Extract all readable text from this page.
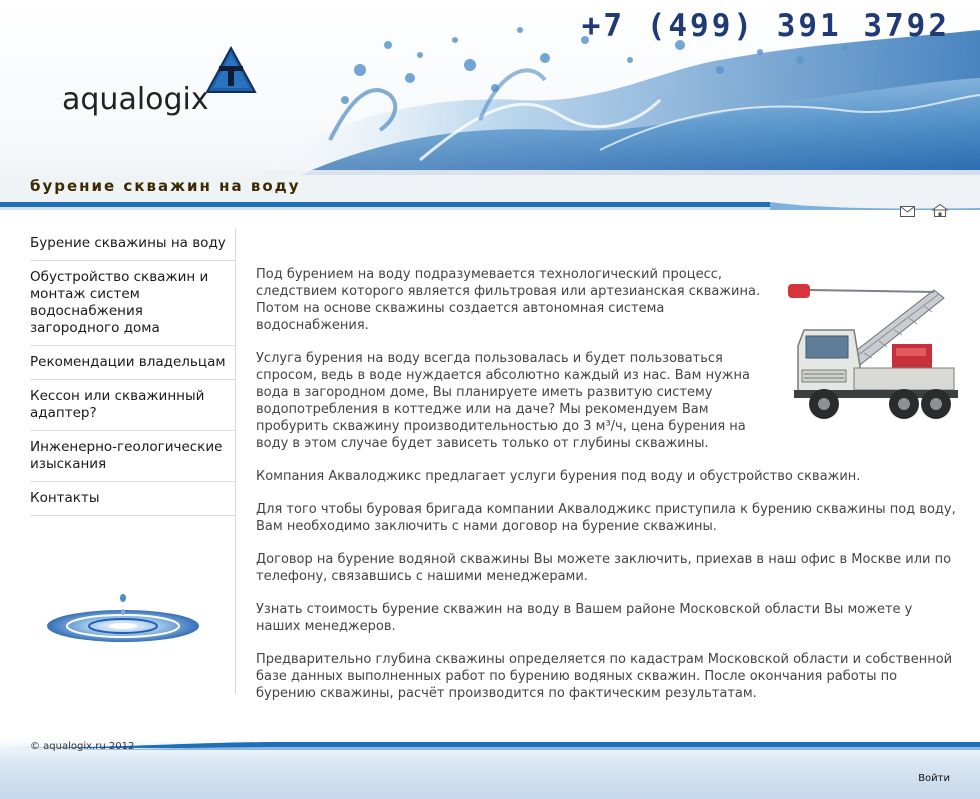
+7 (499) 391 3792
aqualogix
бурение скважин на воду
Бурение скважины на воду
Обустройство скважин и монтаж систем водоснабжения загородного дома
Рекомендации владельцам
Кессон или скважинный адаптер?
Инженерно-геологические изыскания
Контакты

Под бурением на воду подразумевается технологический процесс, следствием которого является фильтровая или артезианская скважина. Потом на основе скважины создается автономная система водоснабжения.

Услуга бурения на воду всегда пользовалась и будет пользоваться спросом, ведь в воде нуждается абсолютно каждый из нас. Вам нужна вода в загородном доме, Вы планируете иметь развитую систему водопотребления в коттедже или на даче? Мы рекомендуем Вам пробурить скважину производительностью до 3 м³/ч, цена бурения на воду в этом случае будет зависеть только от глубины скважины.

Компания Аквалоджикс предлагает услуги бурения под воду и обустройство скважин.

Для того чтобы буровая бригада компании Аквалоджикс приступила к бурению скважины под воду, Вам необходимо заключить с нами договор на бурение скважины.

Договор на бурение водяной скважины Вы можете заключить, приехав в наш офис в Москве или по телефону, связавшись с нашими менеджерами.

Узнать стоимость бурение скважин на воду в Вашем районе Московской области Вы можете у наших менеджеров.

Предварительно глубина скважины определяется по кадастрам Московской области и собственной базе данных выполненных работ по бурению водяных скважин. После окончания работы по бурению скважины, расчёт производится по фактическим результатам.

© aqualogix.ru 2012
Войти
